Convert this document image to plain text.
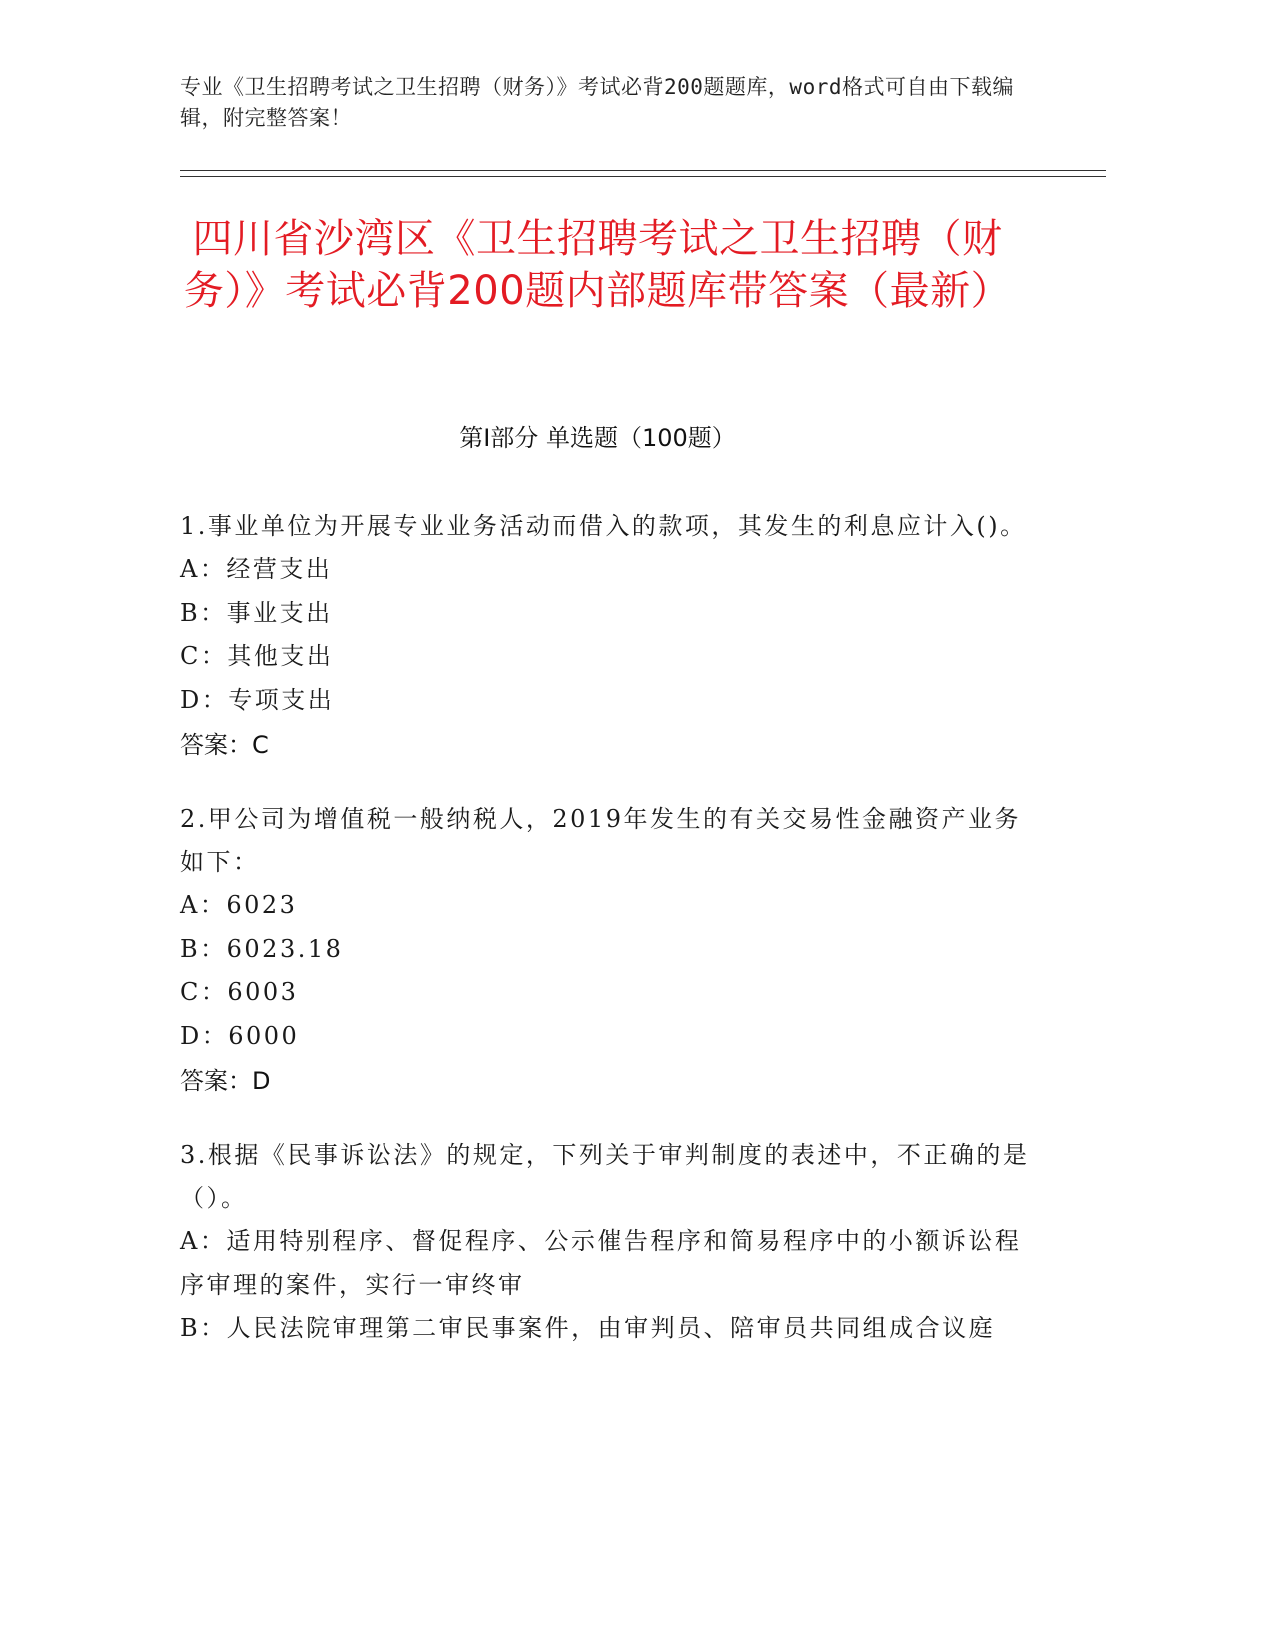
专业《卫生招聘考试之卫生招聘（财务）》考试必背200题题库，word格式可自由下载编辑，附完整答案！
四川省沙湾区《卫生招聘考试之卫生招聘（财务）》考试必背200题内部题库带答案（最新）
第I部分 单选题（100题）

1.事业单位为开展专业业务活动而借入的款项，其发生的利息应计入()。

A：经营支出

B：事业支出

C：其他支出

D：专项支出

答案：C

2.甲公司为增值税一般纳税人，2019年发生的有关交易性金融资产业务如下：

A：6023

B：6023.18

C：6003

D：6000

答案：D

3.根据《民事诉讼法》的规定，下列关于审判制度的表述中，不正确的是（）。

A：适用特别程序、督促程序、公示催告程序和简易程序中的小额诉讼程序审理的案件，实行一审终审

B：人民法院审理第二审民事案件，由审判员、陪审员共同组成合议庭
